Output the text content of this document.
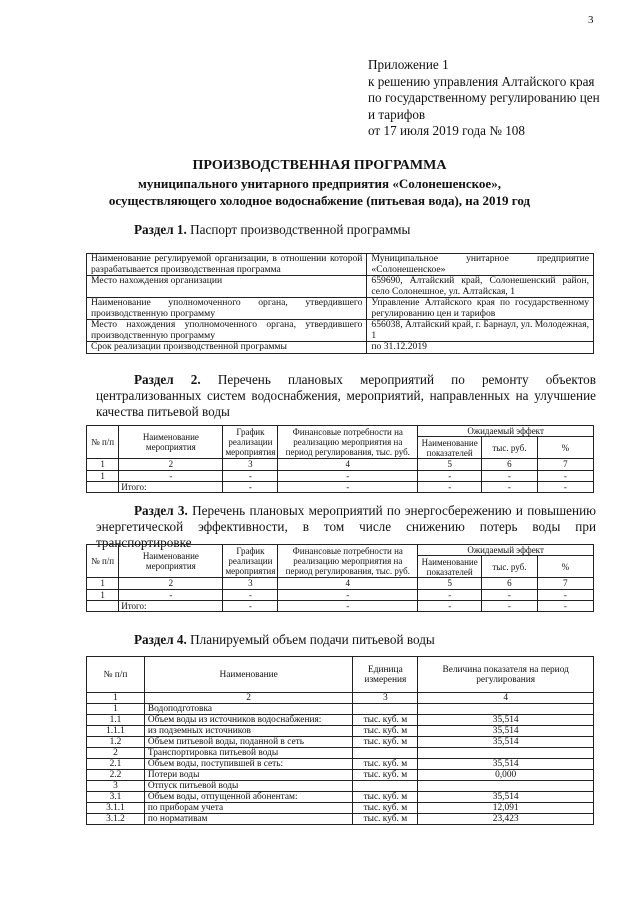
3
Приложение 1
к решению управления Алтайского края
по государственному регулированию цен
и тарифов
от 17 июля 2019 года № 108
ПРОИЗВОДСТВЕННАЯ ПРОГРАММА
муниципального унитарного предприятия «Солонешенское»,
осуществляющего холодное водоснабжение (питьевая вода), на 2019 год
Раздел 1. Паспорт производственной программы
Наименование регулируемой организации, в отношении которой разрабатывается производственная программа	Муниципальное унитарное предприятие «Солонешенское»
Место нахождения организации	659690, Алтайский край, Солонешенский район, село Солонешное, ул. Алтайская, 1
Наименование уполномоченного органа, утвердившего производственную программу	Управление Алтайского края по государственному регулированию цен и тарифов
Место нахождения уполномоченного органа, утвердившего производственную программу	656038, Алтайский край, г. Барнаул, ул. Молодежная, 1
Срок реализации производственной программы	по 31.12.2019
Раздел 2. Перечень плановых мероприятий по ремонту объектов централизованных систем водоснабжения, мероприятий, направленных на улучшение качества питьевой воды
№ п/п	Наименование мероприятия	График реализации мероприятия	Финансовые потребности на реализацию мероприятия на период регулирования, тыс. руб.	Ожидаемый эффект		
				Наименование показателей	тыс. руб.	%
1	2	3	4	5	6	7
1	-	-	-	-	-	-
	Итого:	-	-	-	-	-
Раздел 3. Перечень плановых мероприятий по энергосбережению и повышению энергетической эффективности, в том числе снижению потерь воды при транспортировке
№ п/п	Наименование мероприятия	График реализации мероприятия	Финансовые потребности на реализацию мероприятия на период регулирования, тыс. руб.	Ожидаемый эффект		
				Наименование показателей	тыс. руб.	%
1	2	3	4	5	6	7
1	-	-	-	-	-	-
	Итого:	-	-	-	-	-
Раздел 4. Планируемый объем подачи питьевой воды
№ п/п	Наименование	Единица измерения	Величина показателя на период регулирования
1	2	3	4
1	Водоподготовка		
1.1	Объем воды из источников водоснабжения:	тыс. куб. м	35,514
1.1.1	из подземных источников	тыс. куб. м	35,514
1.2	Объем питьевой воды, поданной в сеть	тыс. куб. м	35,514
2	Транспортировка питьевой воды		
2.1	Объем воды, поступившей в сеть:	тыс. куб. м	35,514
2.2	Потери воды	тыс. куб. м	0,000
3	Отпуск питьевой воды		
3.1	Объем воды, отпущенной абонентам:	тыс. куб. м	35,514
3.1.1	по приборам учета	тыс. куб. м	12,091
3.1.2	по нормативам	тыс. куб. м	23,423
